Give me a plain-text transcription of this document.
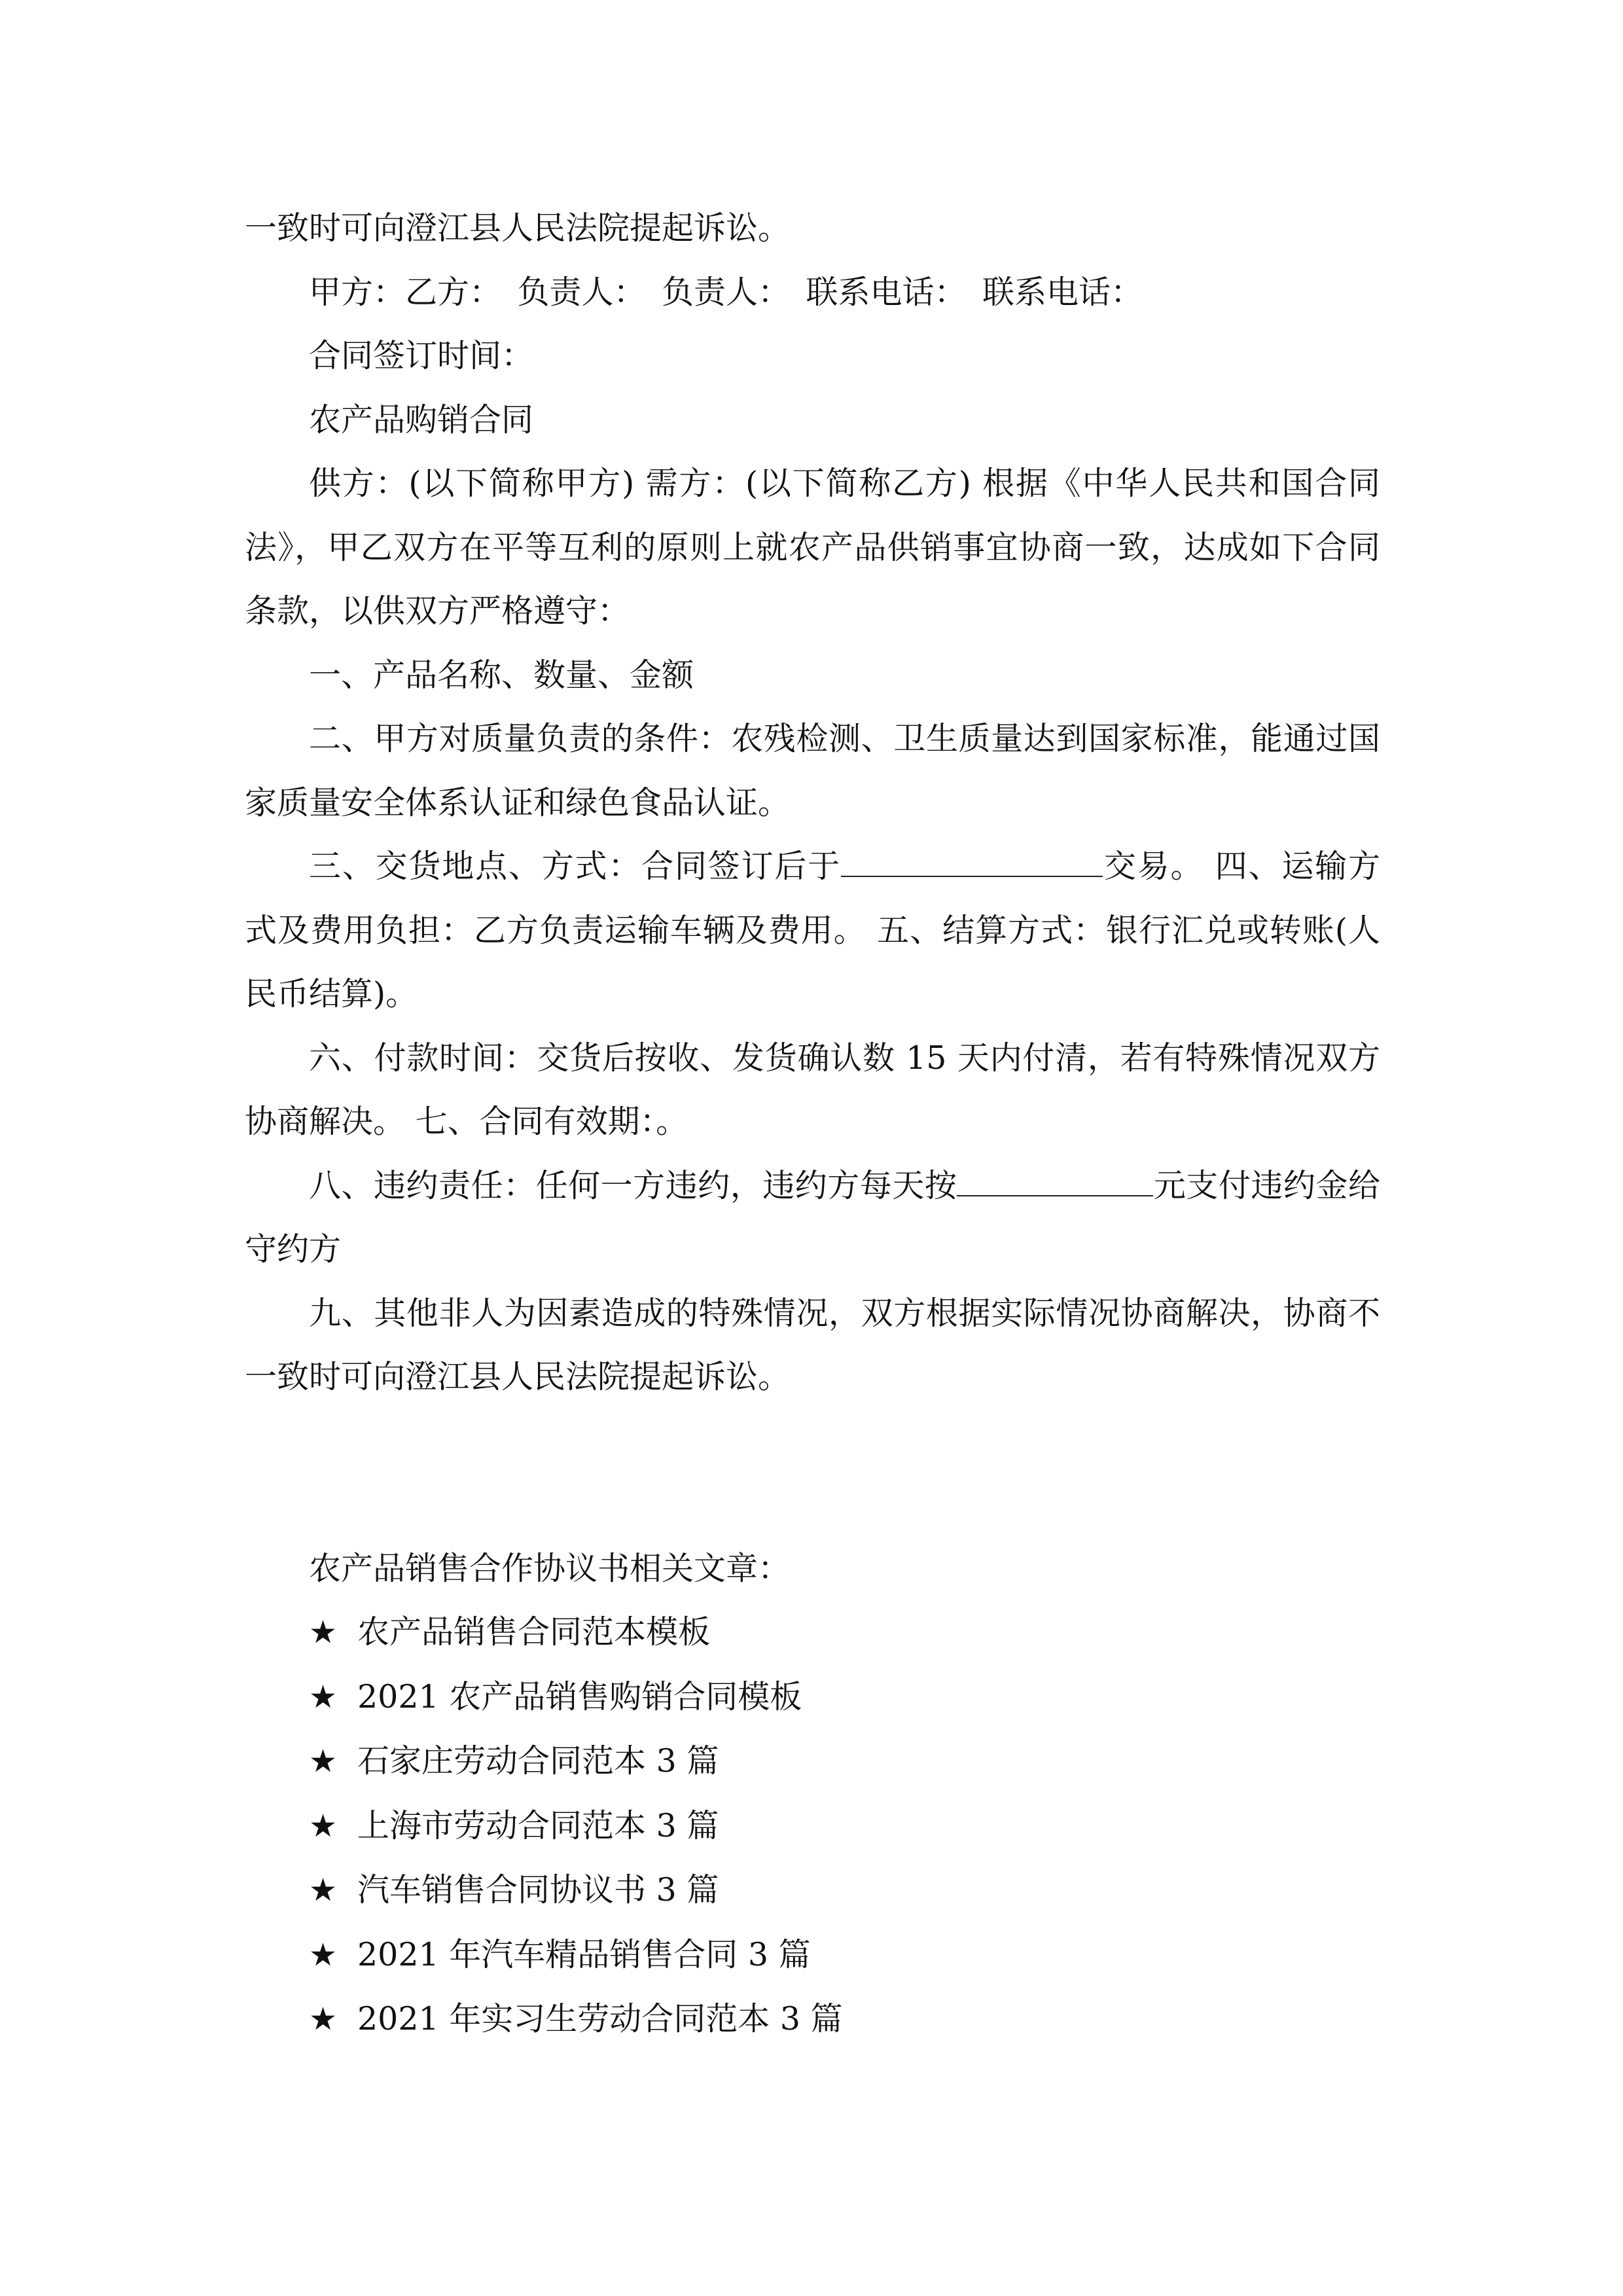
一致时可向澄江县人民法院提起诉讼。

甲方：乙方：　负责人：　负责人：　联系电话：　联系电话：

合同签订时间：

农产品购销合同

供方：(以下简称甲方) 需方：(以下简称乙方) 根据《中华人民共和国合同法》，甲乙双方在平等互利的原则上就农产品供销事宜协商一致，达成如下合同条款，以供双方严格遵守：

一、产品名称、数量、金额

二、甲方对质量负责的条件：农残检测、卫生质量达到国家标准，能通过国家质量安全体系认证和绿色食品认证。

三、交货地点、方式：合同签订后于	交易。 四、运输方式及费用负担：乙方负责运输车辆及费用。 五、结算方式：银行汇兑或转账(人民币结算)。

六、付款时间：交货后按收、发货确认数 15 天内付清，若有特殊情况双方协商解决。 七、合同有效期：。

八、违约责任：任何一方违约，违约方每天按	元支付违约金给守约方

九、其他非人为因素造成的特殊情况，双方根据实际情况协商解决，协商不一致时可向澄江县人民法院提起诉讼。

农产品销售合作协议书相关文章：

★ 农产品销售合同范本模板

★ 2021 农产品销售购销合同模板

★ 石家庄劳动合同范本 3 篇

★ 上海市劳动合同范本 3 篇

★ 汽车销售合同协议书 3 篇

★ 2021 年汽车精品销售合同 3 篇

★ 2021 年实习生劳动合同范本 3 篇
